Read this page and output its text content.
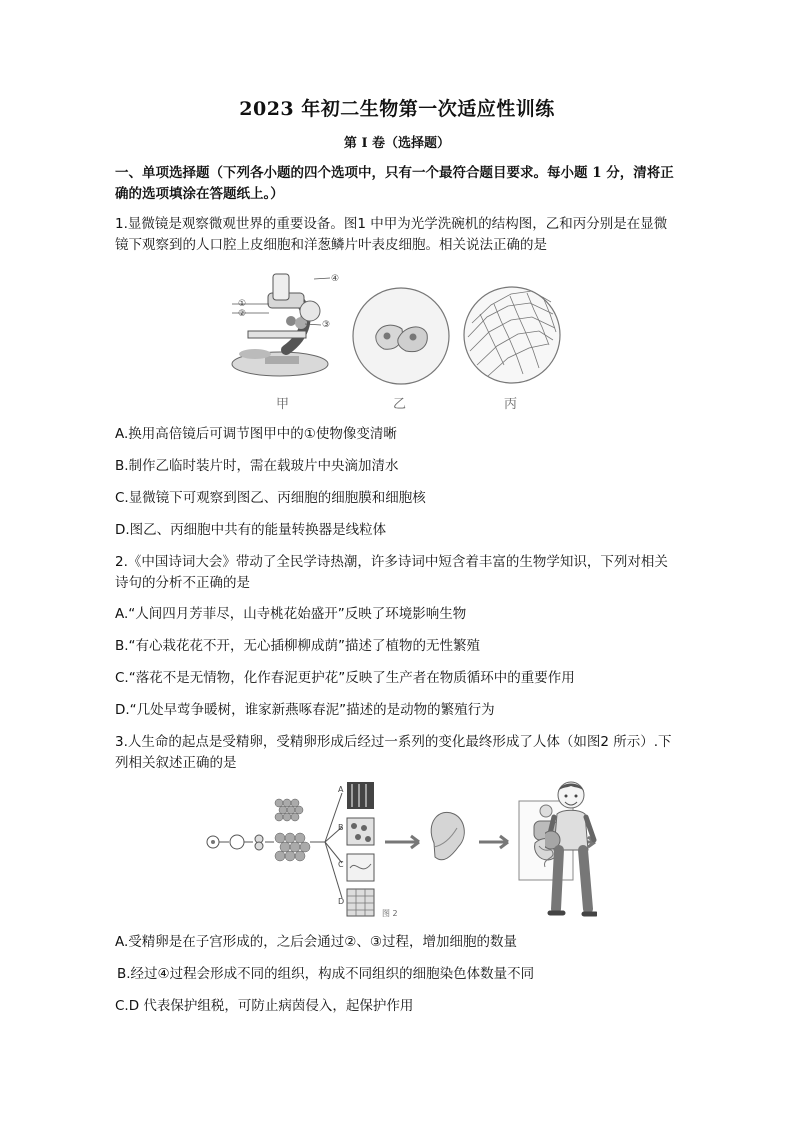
2023 年初二生物第一次适应性训练
第 I 卷（选择题）
一、单项选择题（下列各小题的四个选项中，只有一个最符合题目要求。每小题 1 分，清将正确的选项填涂在答题纸上。）
1.显微镜是观察微观世界的重要设备。图1 中甲为光学洗碗机的结构图，乙和丙分别是在显微镜下观察到的人口腔上皮细胞和洋葱鳞片叶表皮细胞。相关说法正确的是
①
②
③
④
甲	乙	丙
A.换用高倍镜后可调节图甲中的①使物像变清晰
B.制作乙临时装片时，需在载玻片中央滴加清水
C.显微镜下可观察到图乙、丙细胞的细胞膜和细胞核
D.图乙、丙细胞中共有的能量转换器是线粒体
2.《中国诗词大会》带动了全民学诗热潮，许多诗词中短含着丰富的生物学知识，下列对相关诗句的分析不正确的是
A.“人间四月芳菲尽，山寺桃花始盛开”反映了环境影响生物
B.“有心栽花花不开，无心插柳柳成荫”描述了植物的无性繁殖
C.“落花不是无情物，化作春泥更护花”反映了生产者在物质循环中的重要作用
D.“几处早莺争暖树，谁家新燕啄春泥”描述的是动物的繁殖行为
3.人生命的起点是受精卵，受精卵形成后经过一系列的变化最终形成了人体（如图2 所示）.下列相关叙述正确的是
A
B
C
D
图 2
A.受精卵是在子宫形成的，之后会通过②、③过程，增加细胞的数量
B.经过④过程会形成不同的组织，构成不同组织的细胞染色体数量不同
C.D 代表保护组税，可防止病茵侵入，起保护作用
